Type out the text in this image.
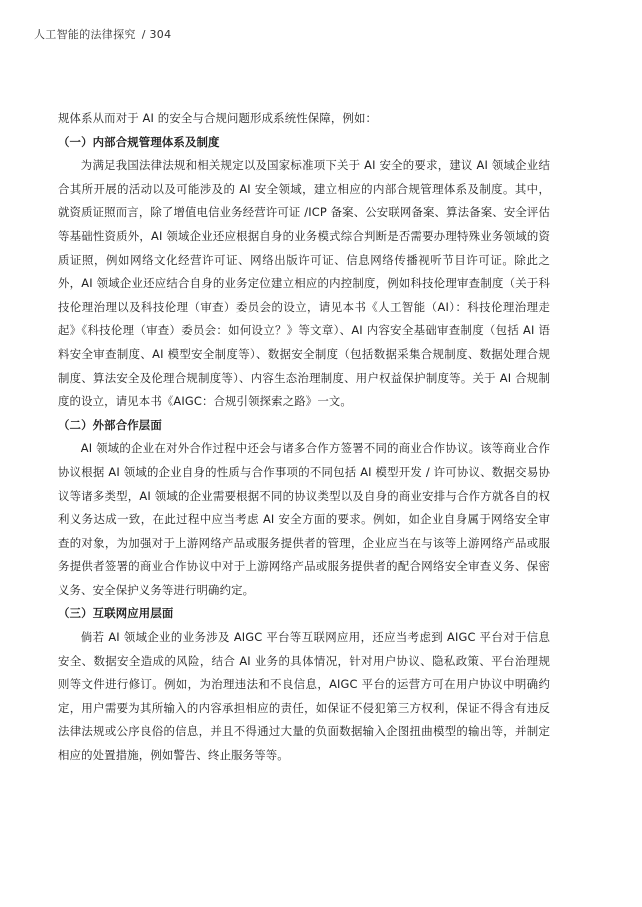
人工智能的法律探究 / 304

规体系从而对于 AI 的安全与合规问题形成系统性保障，例如：

（一）内部合规管理体系及制度

为满足我国法律法规和相关规定以及国家标准项下关于 AI 安全的要求，建议 AI 领域企业结合其所开展的活动以及可能涉及的 AI 安全领域，建立相应的内部合规管理体系及制度。其中，就资质证照而言，除了增值电信业务经营许可证 /ICP 备案、公安联网备案、算法备案、安全评估等基础性资质外，AI 领域企业还应根据自身的业务模式综合判断是否需要办理特殊业务领域的资质证照，例如网络文化经营许可证、网络出版许可证、信息网络传播视听节目许可证。除此之外，AI 领域企业还应结合自身的业务定位建立相应的内控制度，例如科技伦理审查制度（关于科技伦理治理以及科技伦理（审查）委员会的设立，请见本书《人工智能（AI）：科技伦理治理走起》《科技伦理（审查）委员会：如何设立？》等文章）、AI 内容安全基础审查制度（包括 AI 语料安全审查制度、AI 模型安全制度等）、数据安全制度（包括数据采集合规制度、数据处理合规制度、算法安全及伦理合规制度等）、内容生态治理制度、用户权益保护制度等。关于 AI 合规制度的设立，请见本书《AIGC：合规引领探索之路》一文。

（二）外部合作层面

AI 领域的企业在对外合作过程中还会与诸多合作方签署不同的商业合作协议。该等商业合作协议根据 AI 领域的企业自身的性质与合作事项的不同包括 AI 模型开发 / 许可协议、数据交易协议等诸多类型，AI 领域的企业需要根据不同的协议类型以及自身的商业安排与合作方就各自的权利义务达成一致，在此过程中应当考虑 AI 安全方面的要求。例如，如企业自身属于网络安全审查的对象，为加强对于上游网络产品或服务提供者的管理，企业应当在与该等上游网络产品或服务提供者签署的商业合作协议中对于上游网络产品或服务提供者的配合网络安全审查义务、保密义务、安全保护义务等进行明确约定。

（三）互联网应用层面

倘若 AI 领域企业的业务涉及 AIGC 平台等互联网应用，还应当考虑到 AIGC 平台对于信息安全、数据安全造成的风险，结合 AI 业务的具体情况，针对用户协议、隐私政策、平台治理规则等文件进行修订。例如，为治理违法和不良信息，AIGC 平台的运营方可在用户协议中明确约定，用户需要为其所输入的内容承担相应的责任，如保证不侵犯第三方权利，保证不得含有违反法律法规或公序良俗的信息，并且不得通过大量的负面数据输入企图扭曲模型的输出等，并制定相应的处置措施，例如警告、终止服务等等。
